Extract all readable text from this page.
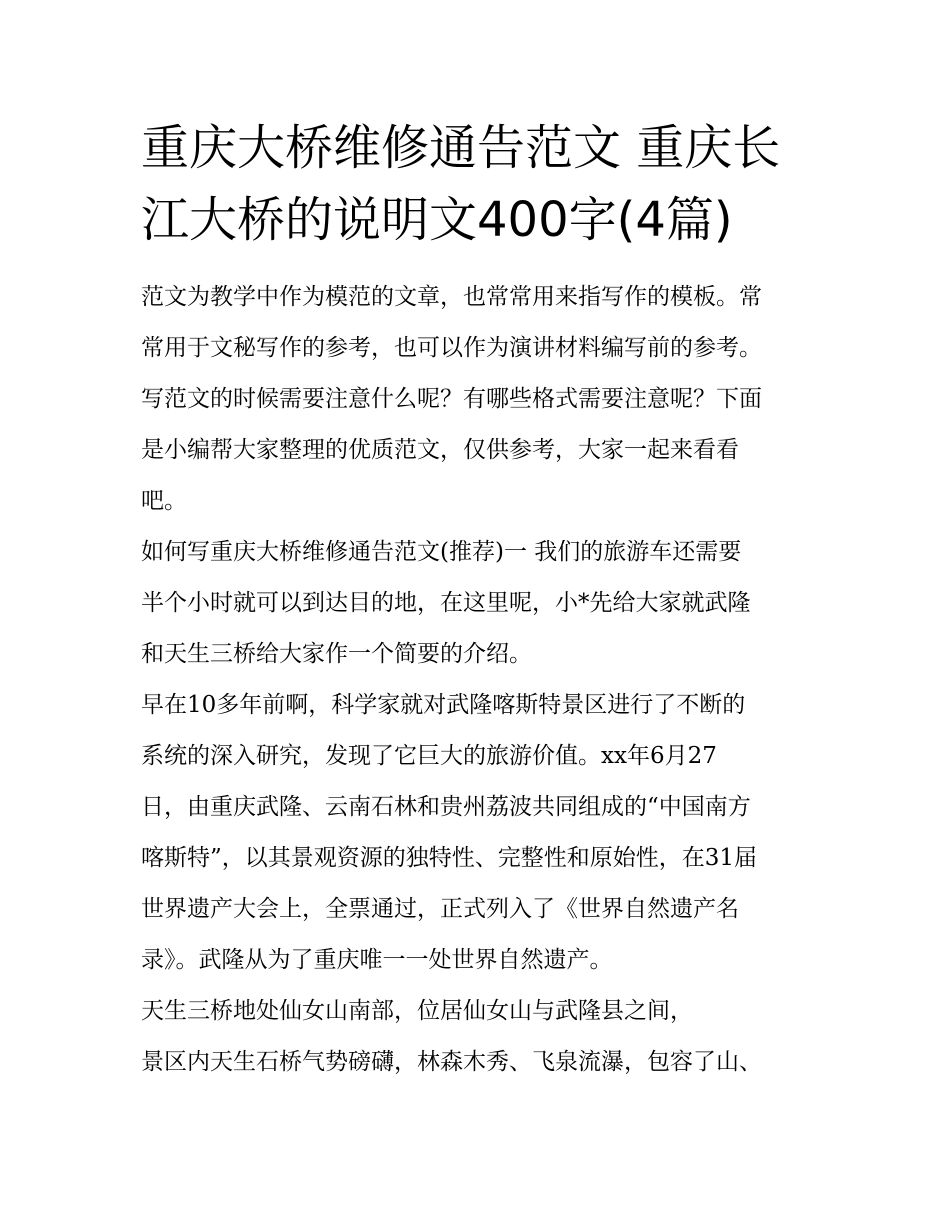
重庆大桥维修通告范文 重庆长
江大桥的说明文400字(4篇)
范文为教学中作为模范的文章，也常常用来指写作的模板。常
常用于文秘写作的参考，也可以作为演讲材料编写前的参考。
写范文的时候需要注意什么呢？有哪些格式需要注意呢？下面
是小编帮大家整理的优质范文，仅供参考，大家一起来看看
吧。
如何写重庆大桥维修通告范文(推荐)一 我们的旅游车还需要
半个小时就可以到达目的地，在这里呢，小*先给大家就武隆
和天生三桥给大家作一个简要的介绍。
早在10多年前啊，科学家就对武隆喀斯特景区进行了不断的
系统的深入研究，发现了它巨大的旅游价值。xx年6月27
日，由重庆武隆、云南石林和贵州荔波共同组成的“中国南方
喀斯特”，以其景观资源的独特性、完整性和原始性，在31届
世界遗产大会上，全票通过，正式列入了《世界自然遗产名
录》。武隆从为了重庆唯一一处世界自然遗产。
天生三桥地处仙女山南部，位居仙女山与武隆县之间，
景区内天生石桥气势磅礴，林森木秀、飞泉流瀑，包容了山、
